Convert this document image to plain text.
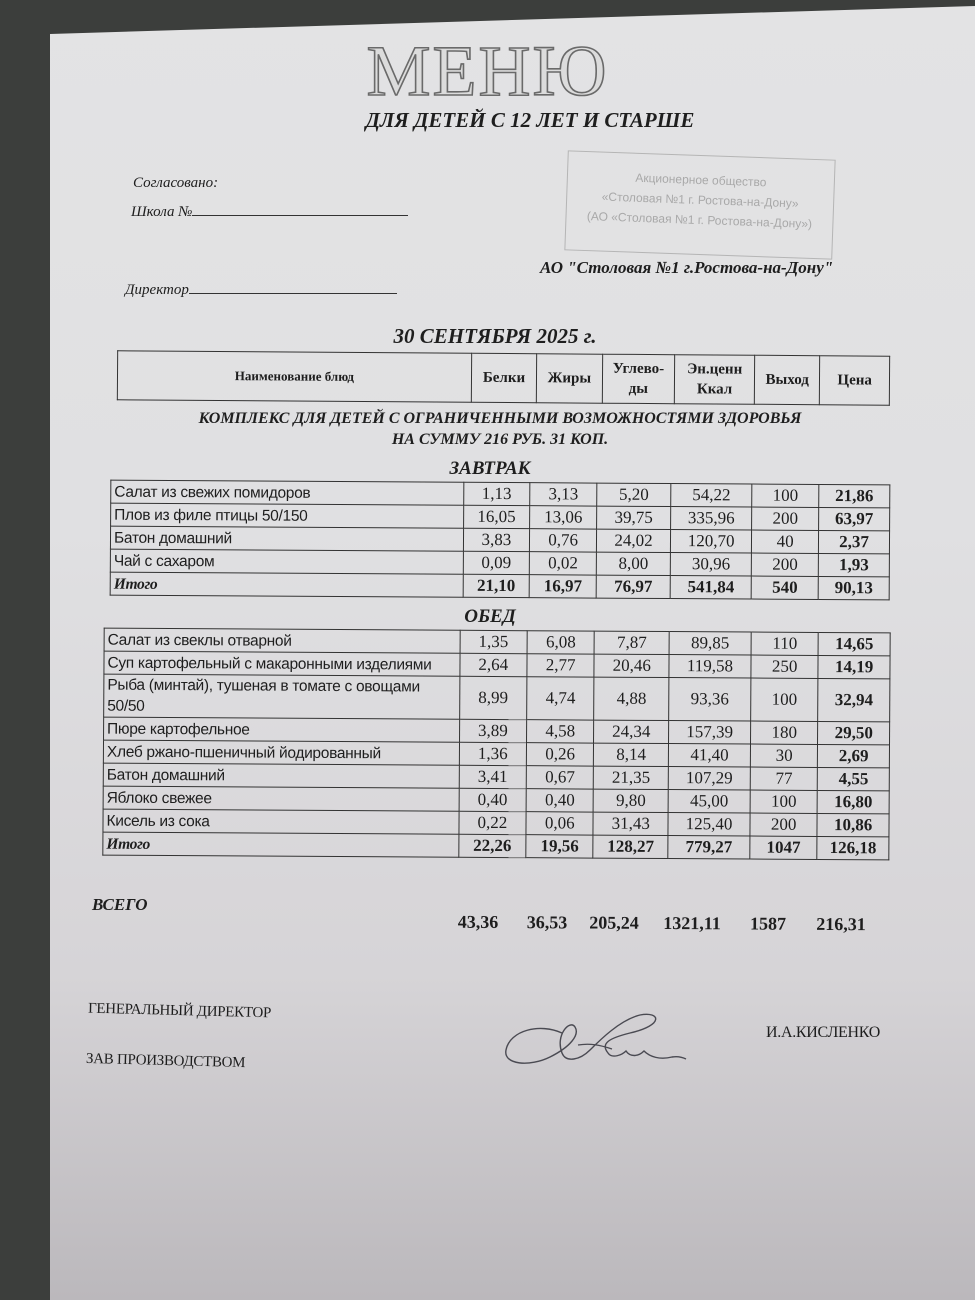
МЕНЮ
ДЛЯ ДЕТЕЙ С 12 ЛЕТ И СТАРШЕ
Согласовано:
Школа №
Директор
Акционерное общество
«Столовая №1 г. Ростова-на-Дону»
(АО «Столовая №1 г. Ростова-на-Дону»)
АО "Столовая №1 г.Ростова-на-Дону"
30 СЕНТЯБРЯ 2025 г.
Наименование блюд	Белки	Жиры	Углево-
ды	Эн.ценн
Ккал	Выход	Цена
КОМПЛЕКС ДЛЯ ДЕТЕЙ С ОГРАНИЧЕННЫМИ ВОЗМОЖНОСТЯМИ ЗДОРОВЬЯ
НА СУММУ 216 РУБ. 31 КОП.
ЗАВТРАК
Салат из свежих помидоров	1,13	3,13	5,20	54,22	100	21,86
Плов из филе птицы 50/150	16,05	13,06	39,75	335,96	200	63,97
Батон домашний	3,83	0,76	24,02	120,70	40	2,37
Чай с сахаром	0,09	0,02	8,00	30,96	200	1,93
Итого	21,10	16,97	76,97	541,84	540	90,13
ОБЕД
Салат из свеклы отварной	1,35	6,08	7,87	89,85	110	14,65
Суп картофельный с макаронными изделиями	2,64	2,77	20,46	119,58	250	14,19
Рыба (минтай), тушеная в томате с овощами 50/50	8,99	4,74	4,88	93,36	100	32,94
Пюре картофельное	3,89	4,58	24,34	157,39	180	29,50
Хлеб ржано-пшеничный йодированный	1,36	0,26	8,14	41,40	30	2,69
Батон домашний	3,41	0,67	21,35	107,29	77	4,55
Яблоко свежее	0,40	0,40	9,80	45,00	100	16,80
Кисель из сока	0,22	0,06	31,43	125,40	200	10,86
Итого	22,26	19,56	128,27	779,27	1047	126,18
ВСЕГО
43,36 36,53 205,24 1321,11 1587 216,31
ГЕНЕРАЛЬНЫЙ ДИРЕКТОР
ЗАВ ПРОИЗВОДСТВОМ
И.А.КИСЛЕНКО
